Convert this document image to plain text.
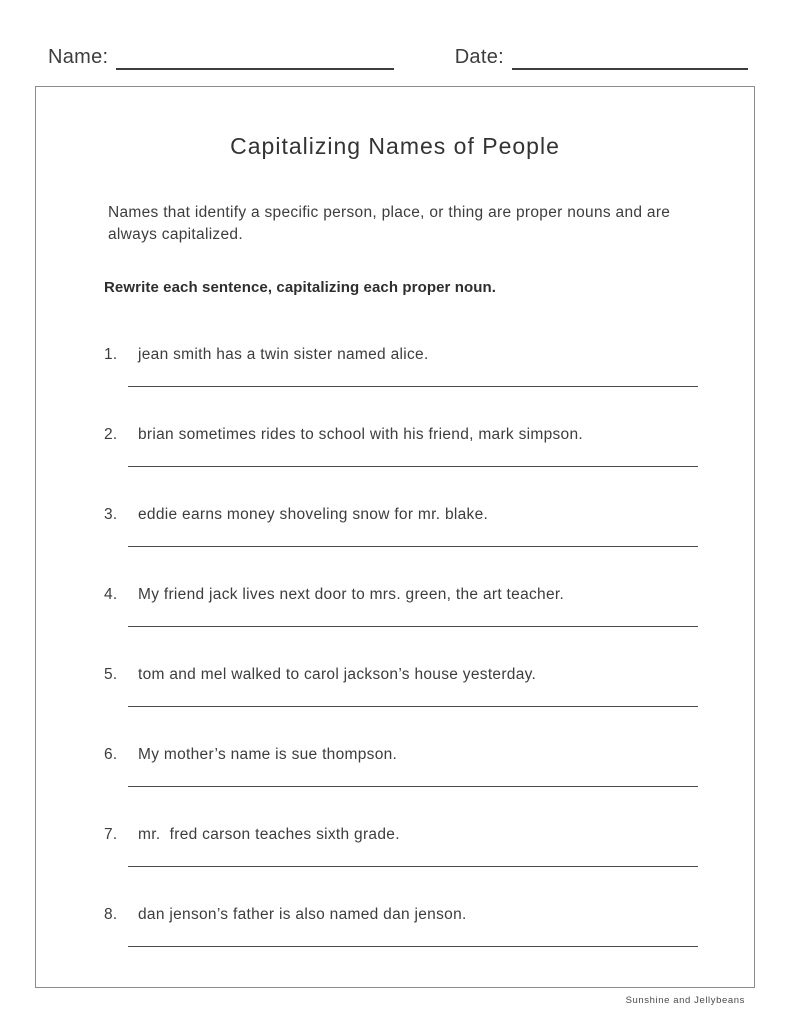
Name:	Date:
Capitalizing Names of People

Names that identify a specific person, place, or thing are proper nouns and are always capitalized.

Rewrite each sentence, capitalizing each proper noun.

1.	jean smith has a twin sister named alice.
2.	brian sometimes rides to school with his friend, mark simpson.
3.	eddie earns money shoveling snow for mr. blake.
4.	My friend jack lives next door to mrs. green, the art teacher.
5.	tom and mel walked to carol jackson’s house yesterday.
6.	My mother’s name is sue thompson.
7.	mr.  fred carson teaches sixth grade.
8.	dan jenson’s father is also named dan jenson.
Sunshine and Jellybeans
